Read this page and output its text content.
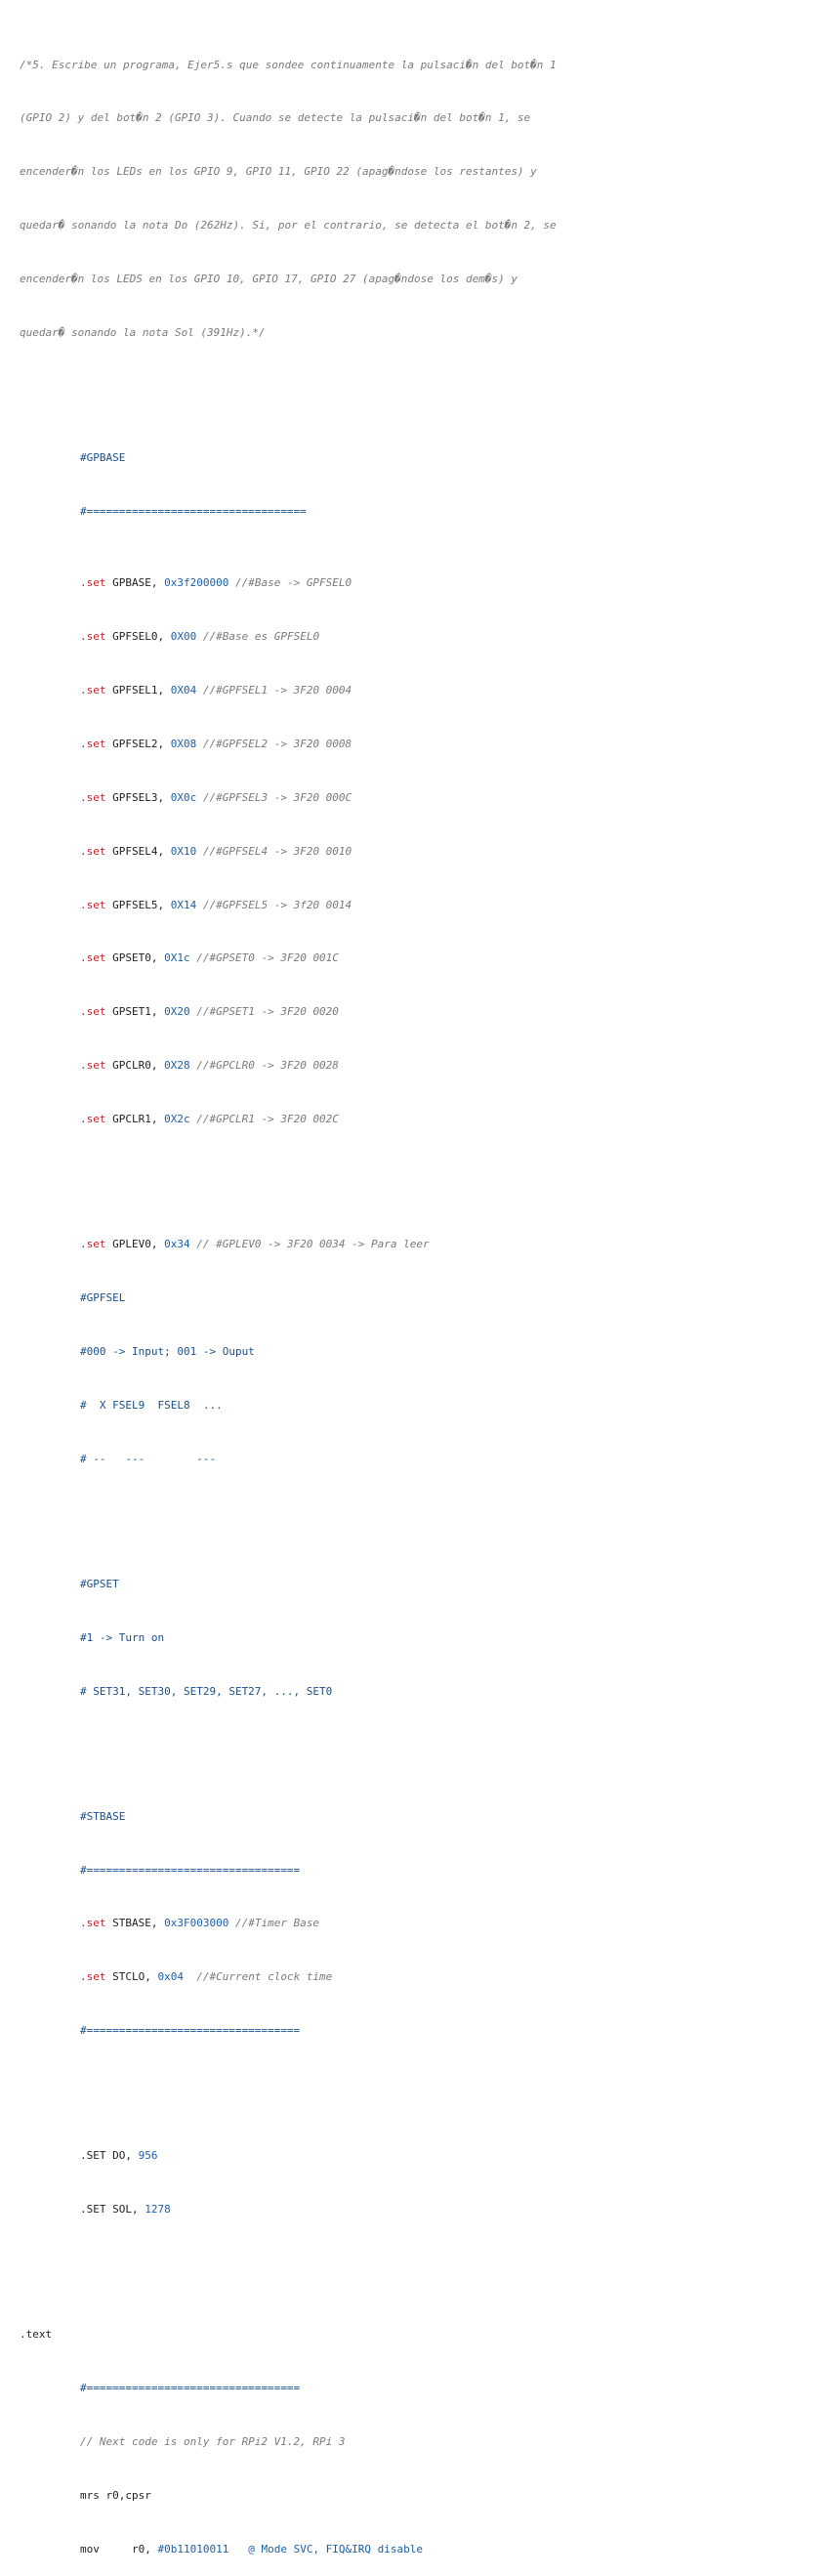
/*5. Escribe un programa, Ejer5.s que sondee continuamente la pulsaci�n del bot�n 1

(GPIO 2) y del bot�n 2 (GPIO 3). Cuando se detecte la pulsaci�n del bot�n 1, se

encender�n los LEDs en los GPIO 9, GPIO 11, GPIO 22 (apag�ndose los restantes) y

quedar� sonando la nota Do (262Hz). Si, por el contrario, se detecta el bot�n 2, se

encender�n los LEDS en los GPIO 10, GPIO 17, GPIO 27 (apag�ndose los dem�s) y

quedar� sonando la nota Sol (391Hz).*/

#GPBASE

#==================================

.set GPBASE, 0x3f200000 //#Base -> GPFSEL0

.set GPFSEL0, 0X00 //#Base es GPFSEL0

.set GPFSEL1, 0X04 //#GPFSEL1 -> 3F20 0004

.set GPFSEL2, 0X08 //#GPFSEL2 -> 3F20 0008

.set GPFSEL3, 0X0c //#GPFSEL3 -> 3F20 000C

.set GPFSEL4, 0X10 //#GPFSEL4 -> 3F20 0010

.set GPFSEL5, 0X14 //#GPFSEL5 -> 3f20 0014

.set GPSET0, 0X1c //#GPSET0 -> 3F20 001C

.set GPSET1, 0X20 //#GPSET1 -> 3F20 0020

.set GPCLR0, 0X28 //#GPCLR0 -> 3F20 0028

.set GPCLR1, 0X2c //#GPCLR1 -> 3F20 002C

.set GPLEV0, 0x34 // #GPLEV0 -> 3F20 0034 -> Para leer

#GPFSEL

#000 -> Input; 001 -> Ouput

#  X FSEL9  FSEL8  ...

# --   ---        ---

#GPSET

#1 -> Turn on

# SET31, SET30, SET29, SET27, ..., SET0

#STBASE

#=================================

.set STBASE, 0x3F003000 //#Timer Base

.set STCLO, 0x04  //#Current clock time

#=================================

.SET DO, 956

.SET SOL, 1278

.text

#=================================

// Next code is only for RPi2 V1.2, RPi 3

mrs r0,cpsr

mov     r0, #0b11010011   @ Mode SVC, FIQ&IRQ disable
